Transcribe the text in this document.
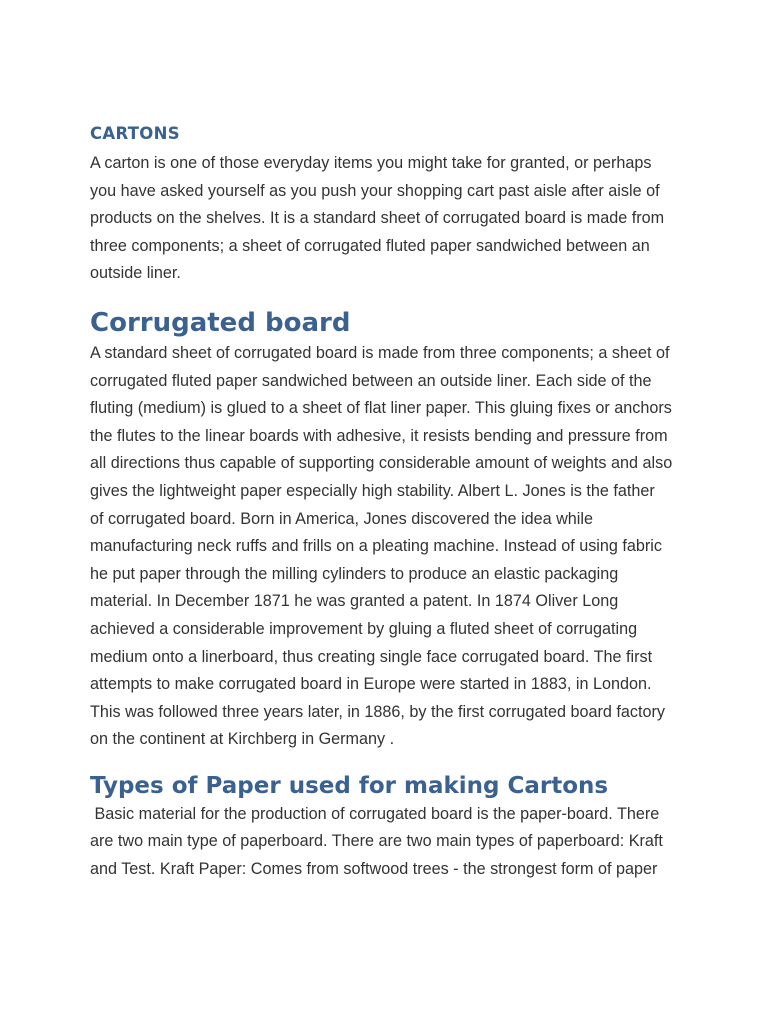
CARTONS

A carton is one of those everyday items you might take for granted, or perhaps

you have asked yourself as you push your shopping cart past aisle after aisle of

products on the shelves. It is a standard sheet of corrugated board is made from

three components; a sheet of corrugated fluted paper sandwiched between an

outside liner.

Corrugated board

A standard sheet of corrugated board is made from three components; a sheet of

corrugated fluted paper sandwiched between an outside liner. Each side of the

fluting (medium) is glued to a sheet of flat liner paper. This gluing fixes or anchors

the flutes to the linear boards with adhesive, it resists bending and pressure from

all directions thus capable of supporting considerable amount of weights and also

gives the lightweight paper especially high stability. Albert L. Jones is the father

of corrugated board. Born in America, Jones discovered the idea while

manufacturing neck ruffs and frills on a pleating machine. Instead of using fabric

he put paper through the milling cylinders to produce an elastic packaging

material. In December 1871 he was granted a patent. In 1874 Oliver Long

achieved a considerable improvement by gluing a fluted sheet of corrugating

medium onto a linerboard, thus creating single face corrugated board. The first

attempts to make corrugated board in Europe were started in 1883, in London.

This was followed three years later, in 1886, by the first corrugated board factory

on the continent at Kirchberg in Germany .

Types of Paper used for making Cartons

Basic material for the production of corrugated board is the paper-board. There

are two main type of paperboard. There are two main types of paperboard: Kraft

and Test. Kraft Paper: Comes from softwood trees - the strongest form of paper
